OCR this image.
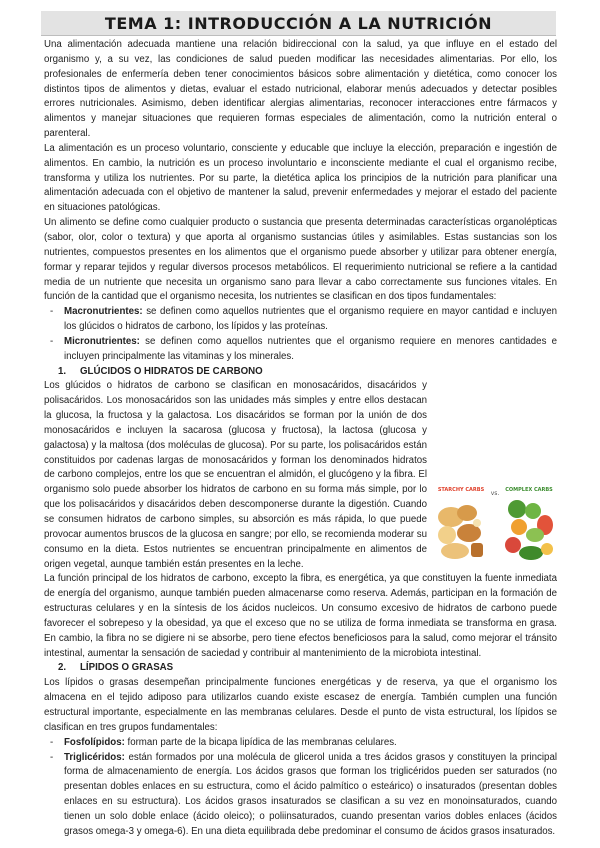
TEMA 1: INTRODUCCIÓN A LA NUTRICIÓN

Una alimentación adecuada mantiene una relación bidireccional con la salud, ya que influye en el estado del organismo y, a su vez, las condiciones de salud pueden modificar las necesidades alimentarias. Por ello, los profesionales de enfermería deben tener conocimientos básicos sobre alimentación y dietética, como conocer los distintos tipos de alimentos y dietas, evaluar el estado nutricional, elaborar menús adecuados y detectar posibles errores nutricionales. Asimismo, deben identificar alergias alimentarias, reconocer interacciones entre fármacos y alimentos y manejar situaciones que requieren formas especiales de alimentación, como la nutrición enteral o parenteral.

La alimentación es un proceso voluntario, consciente y educable que incluye la elección, preparación e ingestión de alimentos. En cambio, la nutrición es un proceso involuntario e inconsciente mediante el cual el organismo recibe, transforma y utiliza los nutrientes. Por su parte, la dietética aplica los principios de la nutrición para planificar una alimentación adecuada con el objetivo de mantener la salud, prevenir enfermedades y mejorar el estado del paciente en situaciones patológicas.

Un alimento se define como cualquier producto o sustancia que presenta determinadas características organolépticas (sabor, olor, color o textura) y que aporta al organismo sustancias útiles y asimilables. Estas sustancias son los nutrientes, compuestos presentes en los alimentos que el organismo puede absorber y utilizar para obtener energía, formar y reparar tejidos y regular diversos procesos metabólicos. El requerimiento nutricional se refiere a la cantidad media de un nutriente que necesita un organismo sano para llevar a cabo correctamente sus funciones vitales. En función de la cantidad que el organismo necesita, los nutrientes se clasifican en dos tipos fundamentales:

- Macronutrientes: se definen como aquellos nutrientes que el organismo requiere en mayor cantidad e incluyen los glúcidos o hidratos de carbono, los lípidos y las proteínas.
- Micronutrientes: se definen como aquellos nutrientes que el organismo requiere en menores cantidades e incluyen principalmente las vitaminas y los minerales.

1. GLÚCIDOS O HIDRATOS DE CARBONO

STARCHY CARBS vs. COMPLEX CARBS

Los glúcidos o hidratos de carbono se clasifican en monosacáridos, disacáridos y polisacáridos. Los monosacáridos son las unidades más simples y entre ellos destacan la glucosa, la fructosa y la galactosa. Los disacáridos se forman por la unión de dos monosacáridos e incluyen la sacarosa (glucosa y fructosa), la lactosa (glucosa y galactosa) y la maltosa (dos moléculas de glucosa). Por su parte, los polisacáridos están constituidos por cadenas largas de monosacáridos y forman los denominados hidratos de carbono complejos, entre los que se encuentran el almidón, el glucógeno y la fibra. El organismo solo puede absorber los hidratos de carbono en su forma más simple, por lo que los polisacáridos y disacáridos deben descomponerse durante la digestión. Cuando se consumen hidratos de carbono simples, su absorción es más rápida, lo que puede provocar aumentos bruscos de la glucosa en sangre; por ello, se recomienda moderar su consumo en la dieta. Estos nutrientes se encuentran principalmente en alimentos de origen vegetal, aunque también están presentes en la leche.

La función principal de los hidratos de carbono, excepto la fibra, es energética, ya que constituyen la fuente inmediata de energía del organismo, aunque también pueden almacenarse como reserva. Además, participan en la formación de estructuras celulares y en la síntesis de los ácidos nucleicos. Un consumo excesivo de hidratos de carbono puede favorecer el sobrepeso y la obesidad, ya que el exceso que no se utiliza de forma inmediata se transforma en grasa. En cambio, la fibra no se digiere ni se absorbe, pero tiene efectos beneficiosos para la salud, como mejorar el tránsito intestinal, aumentar la sensación de saciedad y contribuir al mantenimiento de la microbiota intestinal.

2. LÍPIDOS O GRASAS

Los lípidos o grasas desempeñan principalmente funciones energéticas y de reserva, ya que el organismo los almacena en el tejido adiposo para utilizarlos cuando existe escasez de energía. También cumplen una función estructural importante, especialmente en las membranas celulares. Desde el punto de vista estructural, los lípidos se clasifican en tres grupos fundamentales:

- Fosfolípidos: forman parte de la bicapa lipídica de las membranas celulares.
- Triglicéridos: están formados por una molécula de glicerol unida a tres ácidos grasos y constituyen la principal forma de almacenamiento de energía. Los ácidos grasos que forman los triglicéridos pueden ser saturados (no presentan dobles enlaces en su estructura, como el ácido palmítico o esteárico) o insaturados (presentan dobles enlaces en su estructura). Los ácidos grasos insaturados se clasifican a su vez en monoinsaturados, cuando tienen un solo doble enlace (ácido oleico); o poliinsaturados, cuando presentan varios dobles enlaces (ácidos grasos omega-3 y omega-6). En una dieta equilibrada debe predominar el consumo de ácidos grasos insaturados.
